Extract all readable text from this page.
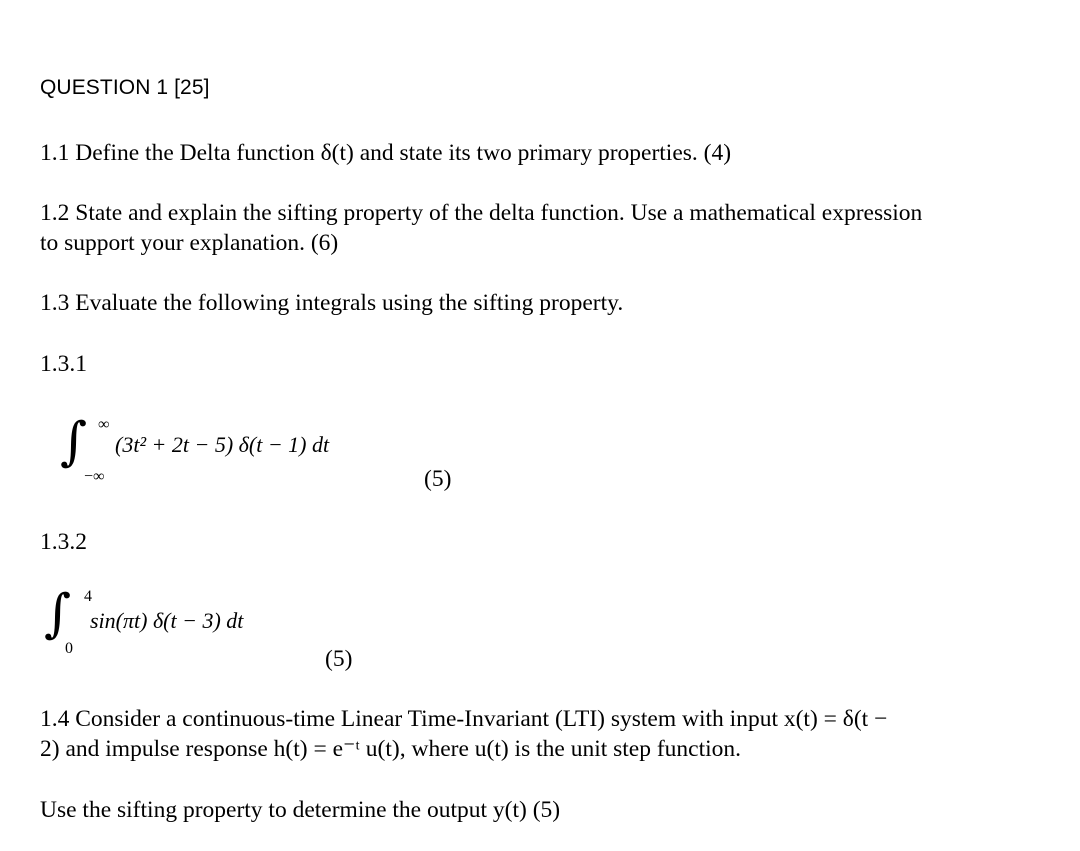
QUESTION 1 [25]
1.1 Define the Delta function δ(t) and state its two primary properties. (4)
1.2 State and explain the sifting property of the delta function. Use a mathematical expression
to support your explanation. (6)
1.3 Evaluate the following integrals using the sifting property.
1.3.1
∫ ∞
−∞
(3t² + 2t − 5) δ(t − 1) dt
(5)
1.3.2
∫ 4
0
sin(πt) δ(t − 3) dt
(5)
1.4 Consider a continuous-time Linear Time-Invariant (LTI) system with input x(t) = δ(t −
2) and impulse response h(t) = e⁻ᵗ u(t), where u(t) is the unit step function.
Use the sifting property to determine the output y(t) (5)
